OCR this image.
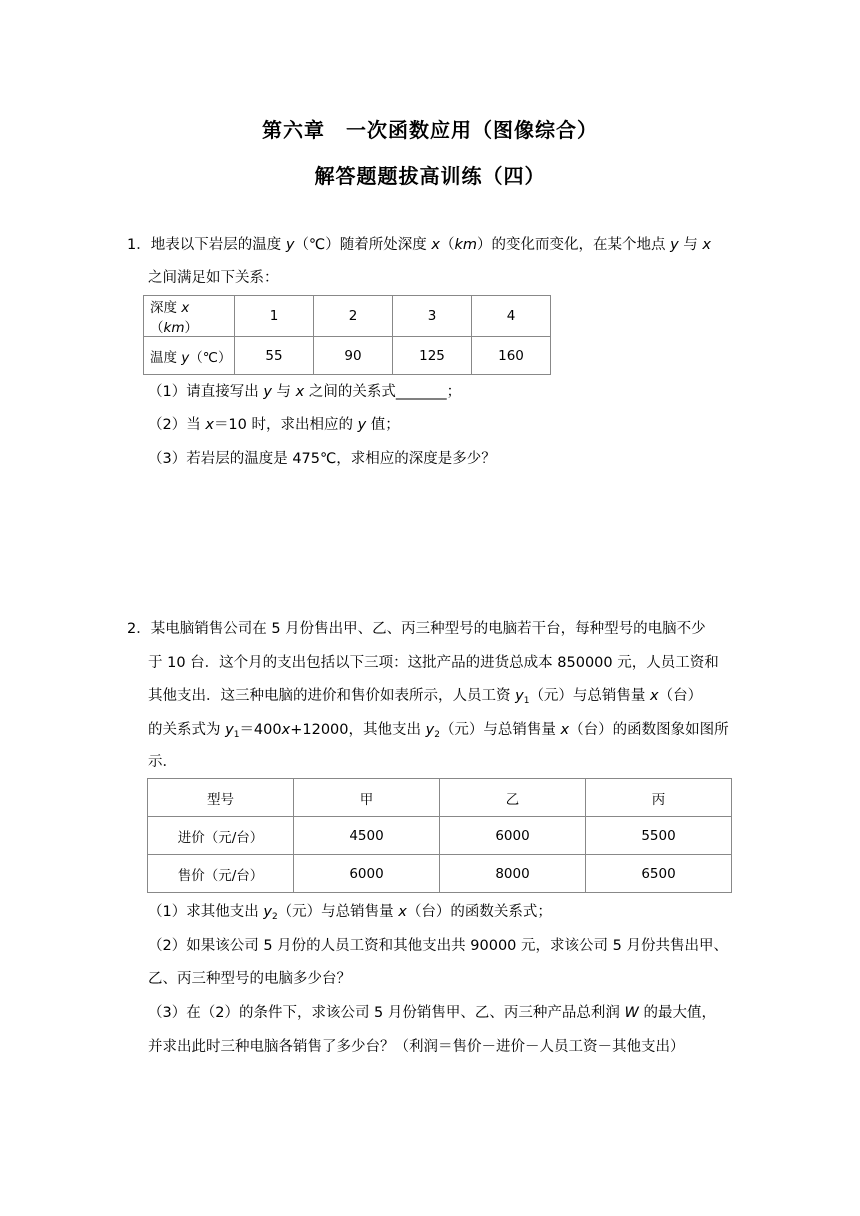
第六章　一次函数应用（图像综合）
解答题题拔高训练（四）
1．地表以下岩层的温度 y（℃）随着所处深度 x（km）的变化而变化，在某个地点 y 与 x
之间满足如下关系：
深度 x（km）	1	2	3	4
温度 y（℃）	55	90	125	160
（1）请直接写出 y 与 x 之间的关系式_______；
（2）当 x＝10 时，求出相应的 y 值；
（3）若岩层的温度是 475℃，求相应的深度是多少？
2．某电脑销售公司在 5 月份售出甲、乙、丙三种型号的电脑若干台，每种型号的电脑不少
于 10 台．这个月的支出包括以下三项：这批产品的进货总成本 850000 元，人员工资和
其他支出．这三种电脑的进价和售价如表所示，人员工资 $y_1$（元）与总销售量 x（台）
的关系式为 $y_1=400x+12000$，其他支出 $y_2$（元）与总销售量 x（台）的函数图象如图所
示．
型号	甲	乙	丙
进价（元/台）	4500	6000	5500
售价（元/台）	6000	8000	6500
（1）求其他支出 $y_2$（元）与总销售量 x（台）的函数关系式；
（2）如果该公司 5 月份的人员工资和其他支出共 90000 元，求该公司 5 月份共售出甲、
乙、丙三种型号的电脑多少台？
（3）在（2）的条件下，求该公司 5 月份销售甲、乙、丙三种产品总利润 W 的最大值，
并求出此时三种电脑各销售了多少台？（利润＝售价－进价－人员工资－其他支出）
